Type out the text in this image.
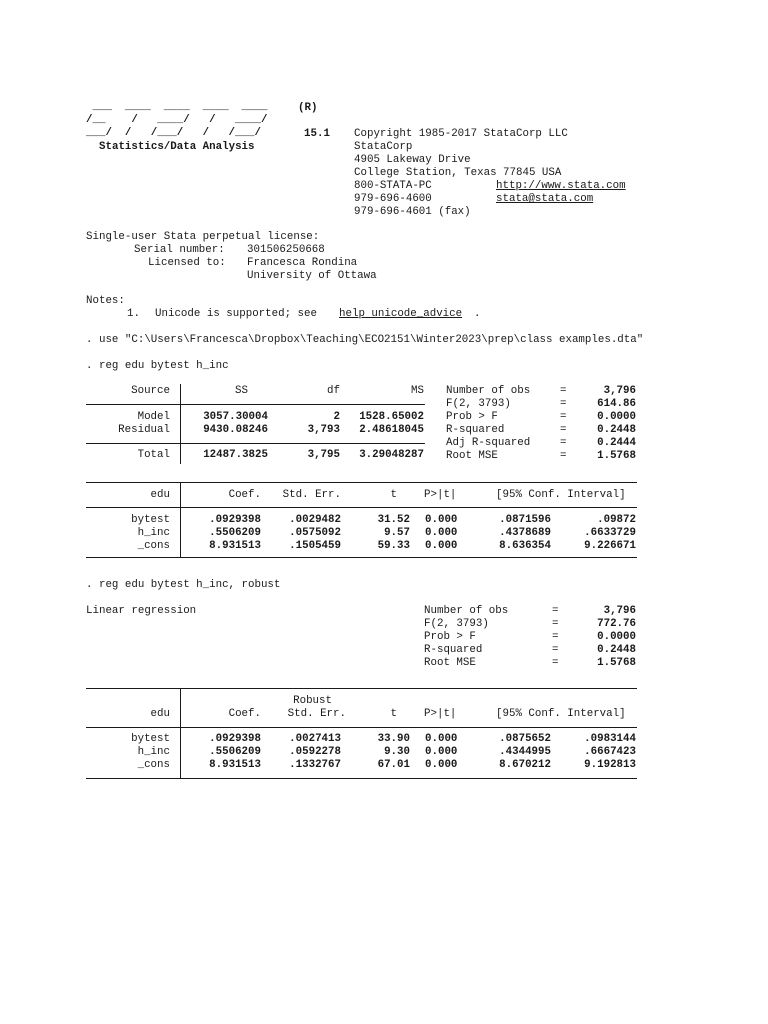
___  ____  ____  ____  ____ (R)
/__    /   ____/   /   ____/
___/  /   /___/   /   /___/	15.1
Statistics/Data Analysis
Copyright 1985-2017 StataCorp LLC
StataCorp
4905 Lakeway Drive
College Station, Texas 77845 USA
800-STATA-PC	http://www.stata.com
979-696-4600	stata@stata.com
979-696-4601 (fax)
Single-user Stata perpetual license:
Serial number: 301506250668
Licensed to: Francesca Rondina
University of Ottawa
Notes:
1. Unicode is supported; see help unicode_advice .
. use "C:\Users\Francesca\Dropbox\Teaching\ECO2151\Winter2023\prep\class examples.dta"
. reg edu bytest h_inc
Source	SS	df	MS
Model	3057.30004	2	1528.65002
Residual	9430.08246	3,793	2.48618045
Total	12487.3825	3,795	3.29048287
Number of obs	=	3,796
F(2, 3793)	=	614.86
Prob > F	=	0.0000
R-squared	=	0.2448
Adj R-squared	=	0.2444
Root MSE	=	1.5768
edu	Coef.	Std. Err.	t	P>|t|	[95% Conf. Interval]
bytest	.0929398	.0029482	31.52 0.000	.0871596	.09872
h_inc	.5506209	.0575092	9.57 0.000	.4378689	.6633729
_cons	8.931513	.1505459	59.33 0.000	8.636354	9.226671
. reg edu bytest h_inc, robust
Linear regression	Number of obs	=	3,796
F(2, 3793)	=	772.76
Prob > F	=	0.0000
R-squared	=	0.2448
Root MSE	=	1.5768
Robust
edu	Coef.	Std. Err.	t	P>|t|	[95% Conf. Interval]
bytest	.0929398	.0027413	33.90 0.000	.0875652	.0983144
h_inc	.5506209	.0592278	9.30 0.000	.4344995	.6667423
_cons	8.931513	.1332767	67.01 0.000	8.670212	9.192813
